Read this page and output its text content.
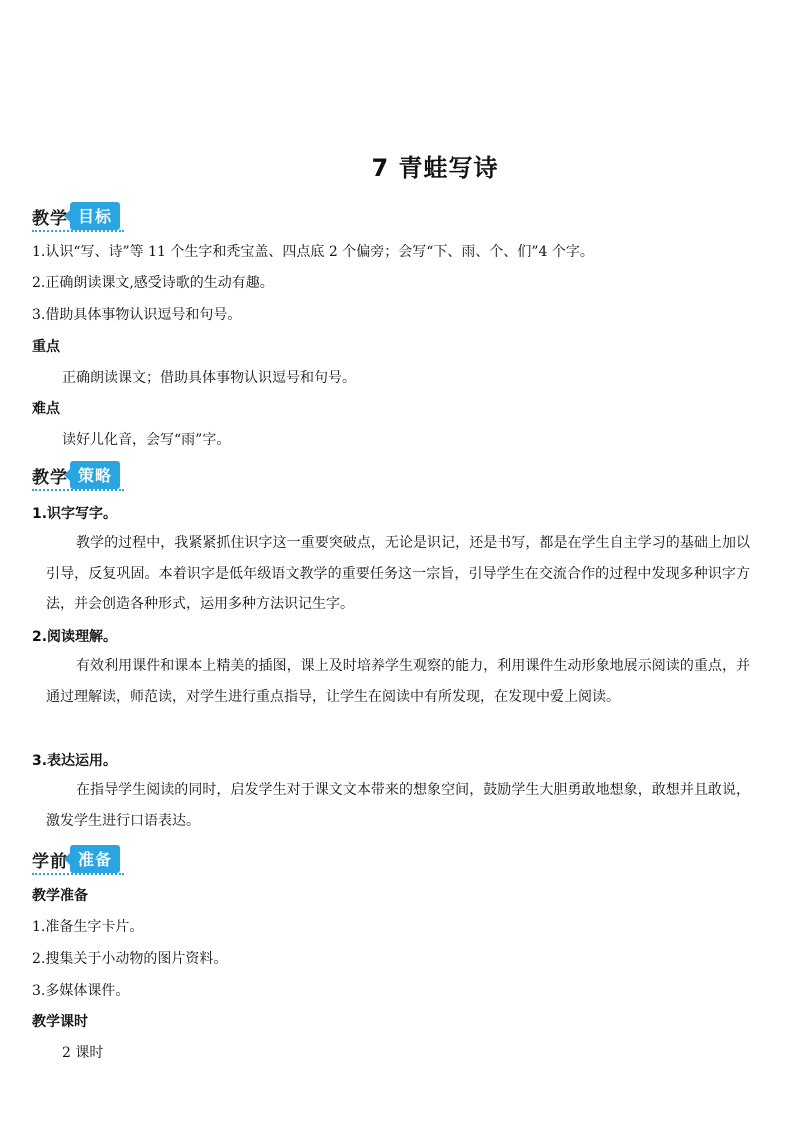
7 青蛙写诗
教学 目标
1.认识“写、诗”等 11 个生字和秃宝盖、四点底 2 个偏旁；会写“下、雨、个、们”4 个字。
2.正确朗读课文,感受诗歌的生动有趣。
3.借助具体事物认识逗号和句号。
重点
正确朗读课文；借助具体事物认识逗号和句号。
难点
读好儿化音，会写“雨”字。
教学 策略
1.识字写字。
教学的过程中，我紧紧抓住识字这一重要突破点，无论是识记，还是书写，都是在学生自主学习的基础上加以引导，反复巩固。本着识字是低年级语文教学的重要任务这一宗旨，引导学生在交流合作的过程中发现多种识字方法，并会创造各种形式，运用多种方法识记生字。
2.阅读理解。
有效利用课件和课本上精美的插图，课上及时培养学生观察的能力，利用课件生动形象地展示阅读的重点，并通过理解读，师范读，对学生进行重点指导，让学生在阅读中有所发现，在发现中爱上阅读。
3.表达运用。
在指导学生阅读的同时，启发学生对于课文文本带来的想象空间，鼓励学生大胆勇敢地想象，敢想并且敢说，激发学生进行口语表达。
学前 准备
教学准备
1.准备生字卡片。
2.搜集关于小动物的图片资料。
3.多媒体课件。
教学课时
2 课时
